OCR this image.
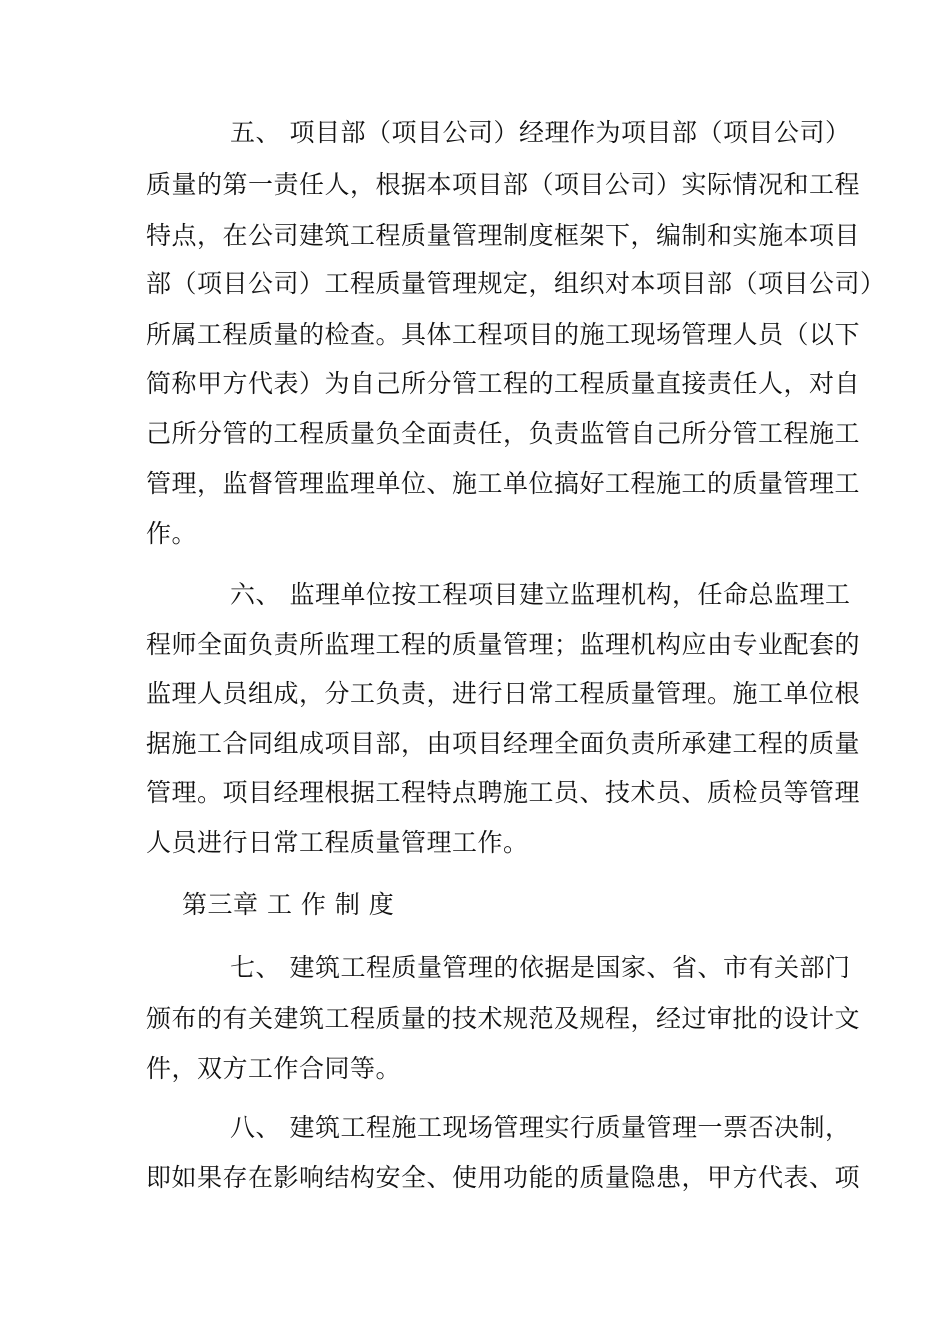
五、 项目部（项目公司）经理作为项目部（项目公司）
质量的第一责任人，根据本项目部（项目公司）实际情况和工程
特点，在公司建筑工程质量管理制度框架下，编制和实施本项目
部（项目公司）工程质量管理规定，组织对本项目部（项目公司）
所属工程质量的检查。具体工程项目的施工现场管理人员（以下
简称甲方代表）为自己所分管工程的工程质量直接责任人，对自
己所分管的工程质量负全面责任，负责监管自己所分管工程施工
管理，监督管理监理单位、施工单位搞好工程施工的质量管理工
作。
六、 监理单位按工程项目建立监理机构，任命总监理工
程师全面负责所监理工程的质量管理；监理机构应由专业配套的
监理人员组成，分工负责，进行日常工程质量管理。施工单位根
据施工合同组成项目部，由项目经理全面负责所承建工程的质量
管理。项目经理根据工程特点聘施工员、技术员、质检员等管理
人员进行日常工程质量管理工作。
第三章 工 作 制 度
七、 建筑工程质量管理的依据是国家、省、市有关部门
颁布的有关建筑工程质量的技术规范及规程，经过审批的设计文
件，双方工作合同等。
八、 建筑工程施工现场管理实行质量管理一票否决制，
即如果存在影响结构安全、使用功能的质量隐患，甲方代表、项
